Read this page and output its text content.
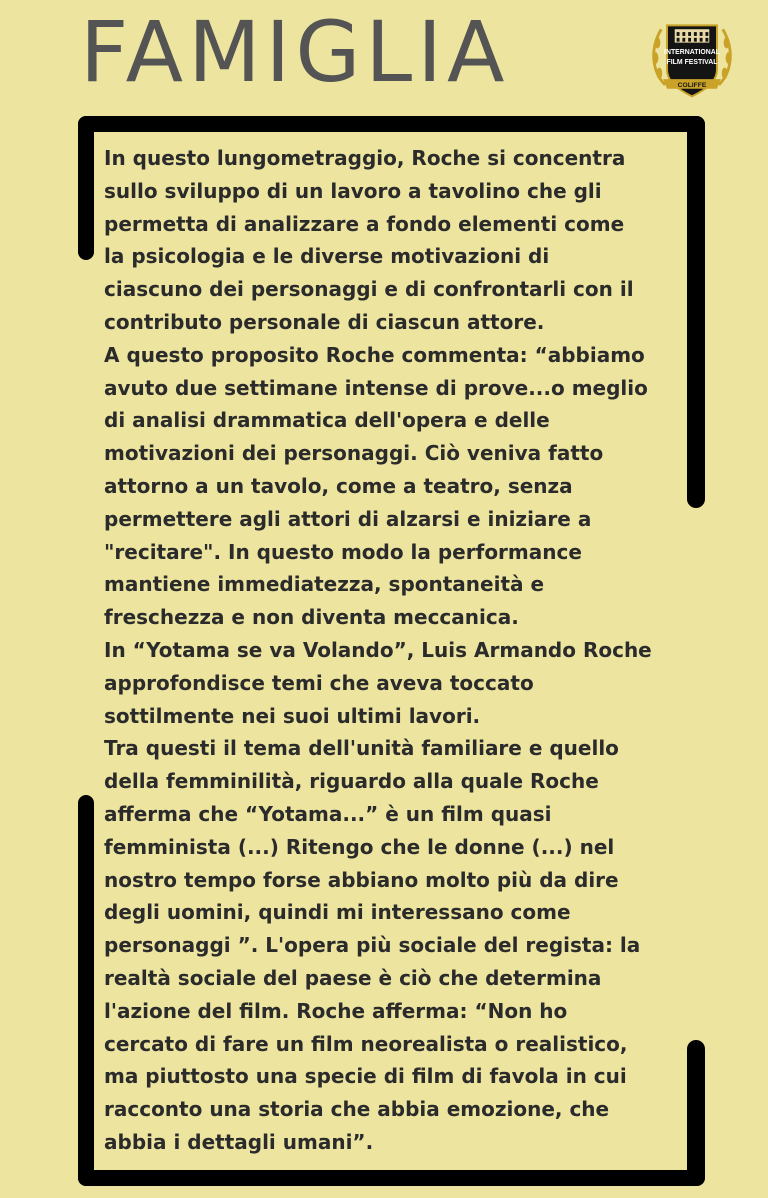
FAMIGLIA	INTERNATIONAL
FILM FESTIVAL
COLIFFE

In questo lungometraggio, Roche si concentra

sullo sviluppo di un lavoro a tavolino che gli

permetta di analizzare a fondo elementi come

la psicologia e le diverse motivazioni di

ciascuno dei personaggi e di confrontarli con il

contributo personale di ciascun attore.

A questo proposito Roche commenta: “abbiamo

avuto due settimane intense di prove...o meglio

di analisi drammatica dell'opera e delle

motivazioni dei personaggi. Ciò veniva fatto

attorno a un tavolo, come a teatro, senza

permettere agli attori di alzarsi e iniziare a

"recitare". In questo modo la performance

mantiene immediatezza, spontaneità e

freschezza e non diventa meccanica.

In “Yotama se va Volando”, Luis Armando Roche

approfondisce temi che aveva toccato

sottilmente nei suoi ultimi lavori.

Tra questi il tema dell'unità familiare e quello

della femminilità, riguardo alla quale Roche

afferma che “Yotama...” è un film quasi

femminista (...) Ritengo che le donne (...) nel

nostro tempo forse abbiano molto più da dire

degli uomini, quindi mi interessano come

personaggi ”. L'opera più sociale del regista: la

realtà sociale del paese è ciò che determina

l'azione del film. Roche afferma: “Non ho

cercato di fare un film neorealista o realistico,

ma piuttosto una specie di film di favola in cui

racconto una storia che abbia emozione, che

abbia i dettagli umani”.
